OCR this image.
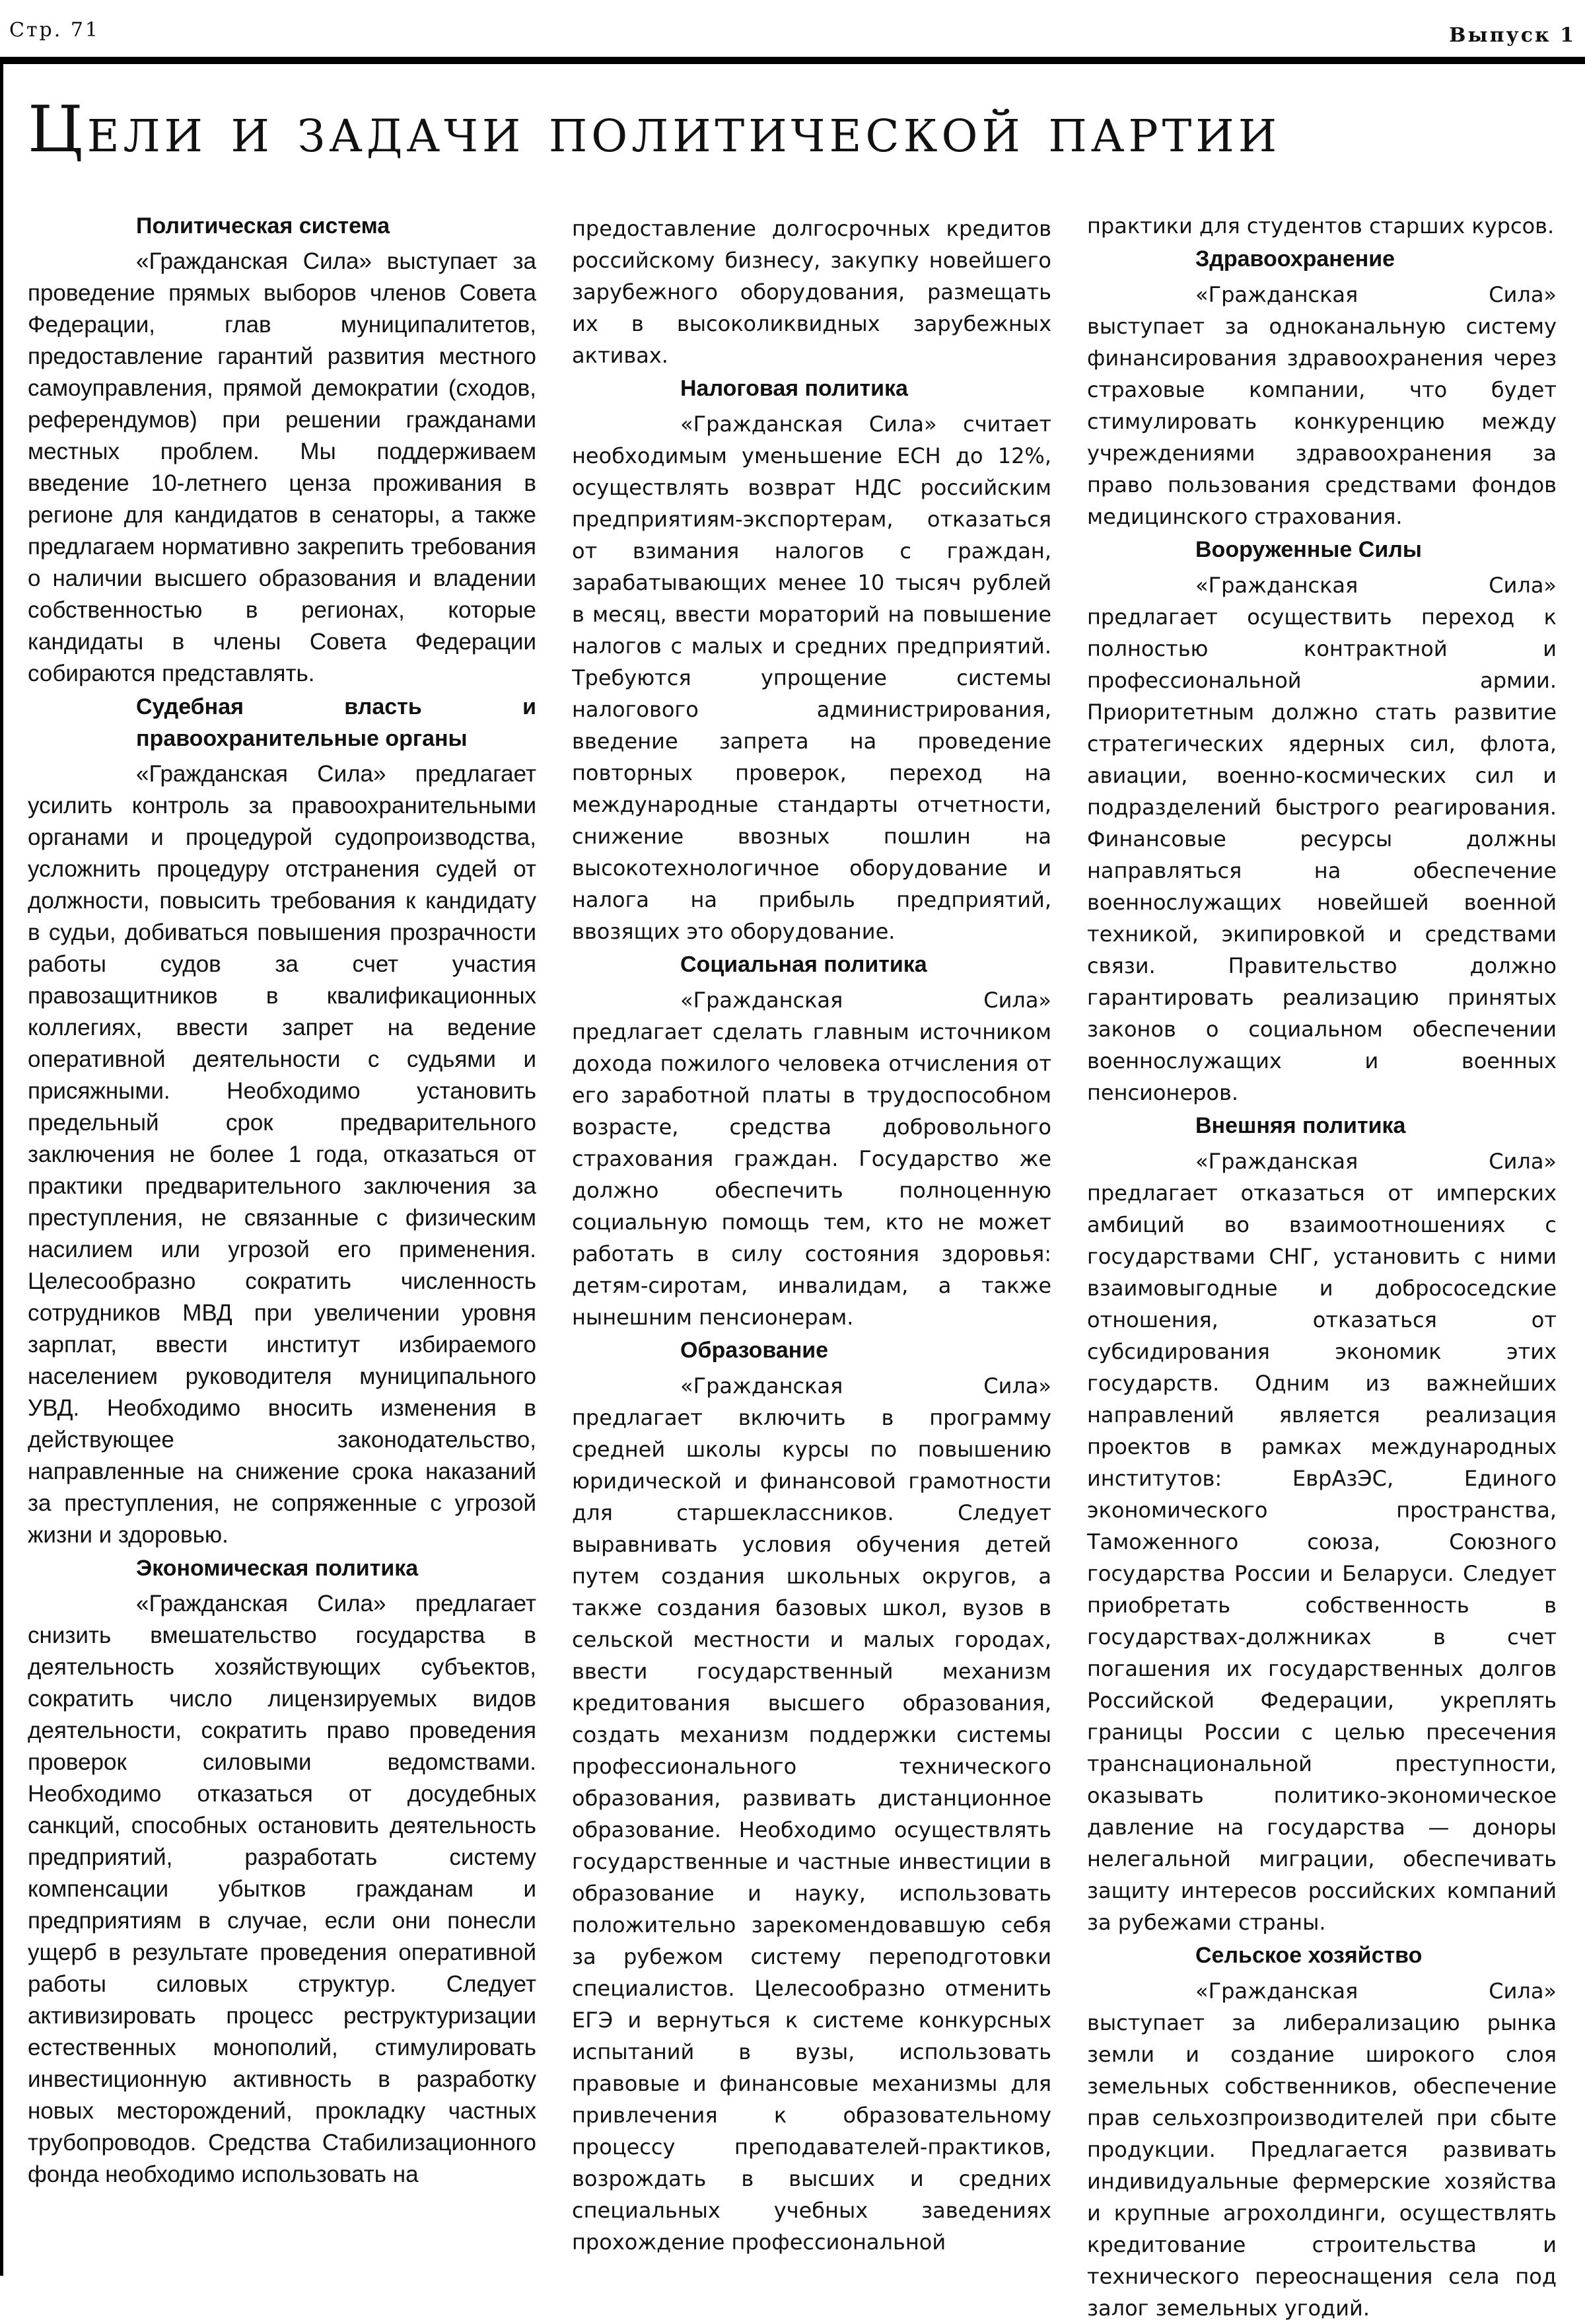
Стр. 71	Выпуск 1
Цели и задачи политической партии
Политическая система

«Гражданская Сила» выступает за проведение прямых выборов членов Совета Федерации, глав муниципалитетов, предоставление гарантий развития местного самоуправления, прямой демократии (сходов, референдумов) при решении гражданами местных проблем. Мы поддерживаем введение 10-летнего ценза проживания в регионе для кандидатов в сенаторы, а также предлагаем нормативно закрепить требования о наличии высшего образования и владении собственностью в регионах, которые кандидаты в члены Совета Федерации собираются представлять.

Судебная власть и правоохранительные органы

«Гражданская Сила» предлагает усилить контроль за правоохранительными органами и процедурой судопроизводства, усложнить процедуру отстранения судей от должности, повысить требования к кандидату в судьи, добиваться повышения прозрачности работы судов за счет участия правозащитников в квалификационных коллегиях, ввести запрет на ведение оперативной деятельности с судьями и присяжными. Необходимо установить предельный срок предварительного заключения не более 1 года, отказаться от практики предварительного заключения за преступления, не связанные с физическим насилием или угрозой его применения. Целесообразно сократить численность сотрудников МВД при увеличении уровня зарплат, ввести институт избираемого населением руководителя муниципального УВД. Необходимо вносить изменения в действующее законодательство, направленные на снижение срока наказаний за преступления, не сопряженные с угрозой жизни и здоровью.

Экономическая политика

«Гражданская Сила» предлагает снизить вмешательство государства в деятельность хозяйствующих субъектов, сократить число лицензируемых видов деятельности, сократить право проведения проверок силовыми ведомствами. Необходимо отказаться от досудебных санкций, способных остановить деятельность предприятий, разработать систему компенсации убытков гражданам и предприятиям в случае, если они понесли ущерб в результате проведения оперативной работы силовых структур. Следует активизировать процесс реструктуризации естественных монополий, стимулировать инвестиционную активность в разработку новых месторождений, прокладку частных трубопроводов. Средства Стабилизационного фонда необходимо использовать на

предоставление долгосрочных кредитов российскому бизнесу, закупку новейшего зарубежного оборудования, размещать их в высоколиквидных зарубежных активах.

Налоговая политика

«Гражданская Сила» считает необходимым уменьшение ЕСН до 12%, осуществлять возврат НДС российским предприятиям-экспортерам, отказаться от взимания налогов с граждан, зарабатывающих менее 10 тысяч рублей в месяц, ввести мораторий на повышение налогов с малых и средних предприятий. Требуются упрощение системы налогового администрирования, введение запрета на проведение повторных проверок, переход на международные стандарты отчетности, снижение ввозных пошлин на высокотехнологичное оборудование и налога на прибыль предприятий, ввозящих это оборудование.

Социальная политика

«Гражданская Сила» предлагает сделать главным источником дохода пожилого человека отчисления от его заработной платы в трудоспособном возрасте, средства добровольного страхования граждан. Государство же должно обеспечить полноценную социальную помощь тем, кто не может работать в силу состояния здоровья: детям-сиротам, инвалидам, а также нынешним пенсионерам.

Образование

«Гражданская Сила» предлагает включить в программу средней школы курсы по повышению юридической и финансовой грамотности для старшеклассников. Следует выравнивать условия обучения детей путем создания школьных округов, а также создания базовых школ, вузов в сельской местности и малых городах, ввести государственный механизм кредитования высшего образования, создать механизм поддержки системы профессионального технического образования, развивать дистанционное образование. Необходимо осуществлять государственные и частные инвестиции в образование и науку, использовать положительно зарекомендовавшую себя за рубежом систему переподготовки специалистов. Целесообразно отменить ЕГЭ и вернуться к системе конкурсных испытаний в вузы, использовать правовые и финансовые механизмы для привлечения к образовательному процессу преподавателей-практиков, возрождать в высших и средних специальных учебных заведениях прохождение профессиональной

практики для студентов старших курсов.

Здравоохранение

«Гражданская Сила» выступает за одноканальную систему финансирования здравоохранения через страховые компании, что будет стимулировать конкуренцию между учреждениями здравоохранения за право пользования средствами фондов медицинского страхования.

Вооруженные Силы

«Гражданская Сила» предлагает осуществить переход к полностью контрактной и профессиональной армии. Приоритетным должно стать развитие стратегических ядерных сил, флота, авиации, военно-космических сил и подразделений быстрого реагирования. Финансовые ресурсы должны направляться на обеспечение военнослужащих новейшей военной техникой, экипировкой и средствами связи. Правительство должно гарантировать реализацию принятых законов о социальном обеспечении военнослужащих и военных пенсионеров.

Внешняя политика

«Гражданская Сила» предлагает отказаться от имперских амбиций во взаимоотношениях с государствами СНГ, установить с ними взаимовыгодные и добрососедские отношения, отказаться от субсидирования экономик этих государств. Одним из важнейших направлений является реализация проектов в рамках международных институтов: ЕврАзЭС, Единого экономического пространства, Таможенного союза, Союзного государства России и Беларуси. Следует приобретать собственность в государствах-должниках в счет погашения их государственных долгов Российской Федерации, укреплять границы России с целью пресечения транснациональной преступности, оказывать политико-экономическое давление на государства — доноры нелегальной миграции, обеспечивать защиту интересов российских компаний за рубежами страны.

Сельское хозяйство

«Гражданская Сила» выступает за либерализацию рынка земли и создание широкого слоя земельных собственников, обеспечение прав сельхозпроизводителей при сбыте продукции. Предлагается развивать индивидуальные фермерские хозяйства и крупные агрохолдинги, осуществлять кредитование строительства и технического переоснащения села под залог земельных угодий.
